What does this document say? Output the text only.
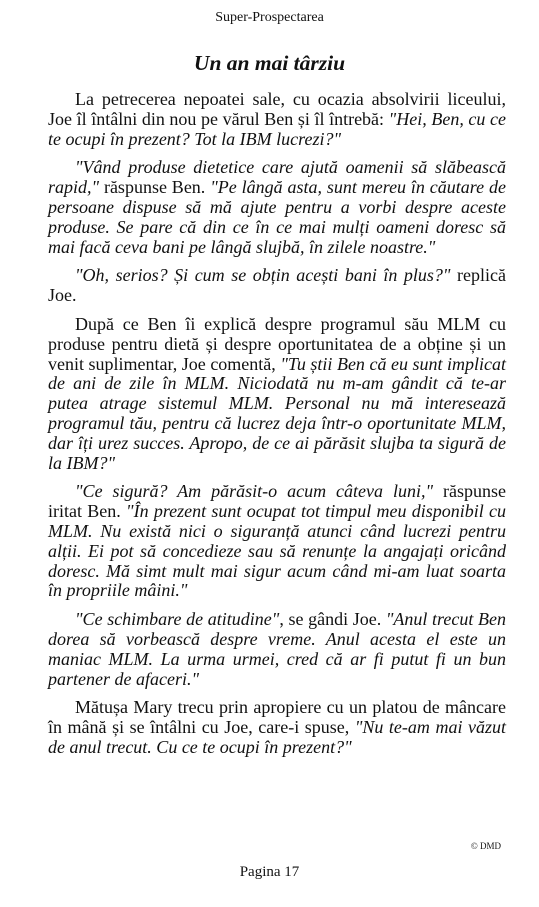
Super-Prospectarea
Un an mai târziu

La petrecerea nepoatei sale, cu ocazia absolvirii liceului, Joe îl întâlni din nou pe vărul Ben și îl întrebă: "Hei, Ben, cu ce te ocupi în prezent? Tot la IBM lucrezi?"

"Vând produse dietetice care ajută oamenii să slăbească rapid," răspunse Ben. "Pe lângă asta, sunt mereu în căutare de persoane dispuse să mă ajute pentru a vorbi despre aceste produse. Se pare că din ce în ce mai mulți oameni doresc să mai facă ceva bani pe lângă slujbă, în zilele noastre."

"Oh, serios? Și cum se obțin acești bani în plus?" replică Joe.

După ce Ben îi explică despre programul său MLM cu produse pentru dietă și despre oportunitatea de a obține și un venit suplimentar, Joe comentă, "Tu știi Ben că eu sunt implicat de ani de zile în MLM. Niciodată nu m-am gândit că te-ar putea atrage sistemul MLM. Personal nu mă interesează programul tău, pentru că lucrez deja într-o oportunitate MLM, dar îți urez succes. Apropo, de ce ai părăsit slujba ta sigură de la IBM?"

"Ce sigură? Am părăsit-o acum câteva luni," răspunse iritat Ben. "În prezent sunt ocupat tot timpul meu disponibil cu MLM. Nu există nici o siguranță atunci când lucrezi pentru alții. Ei pot să concedieze sau să renunțe la angajați oricând doresc. Mă simt mult mai sigur acum când mi-am luat soarta în propriile mâini."

"Ce schimbare de atitudine", se gândi Joe. "Anul trecut Ben dorea să vorbească despre vreme. Anul acesta el este un maniac MLM. La urma urmei, cred că ar fi putut fi un bun partener de afaceri."

Mătușa Mary trecu prin apropiere cu un platou de mâncare în mână și se întâlni cu Joe, care-i spuse, "Nu te-am mai văzut de anul trecut. Cu ce te ocupi în prezent?"

© DMD
Pagina 17
